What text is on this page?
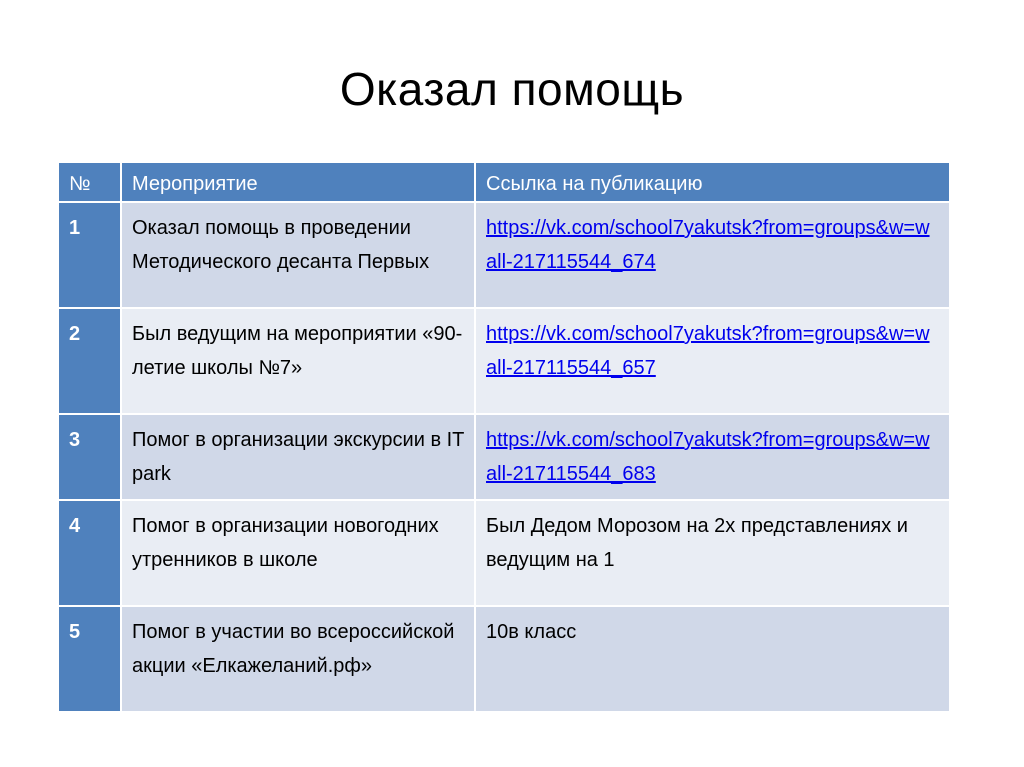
Оказал помощь
№	Мероприятие	Ссылка на публикацию
1	Оказал помощь в проведении Методического десанта Первых	https://vk.com/school7yakutsk?from=groups&w=wall-217115544_674
2	Был ведущим на мероприятии «90-летие школы №7»	https://vk.com/school7yakutsk?from=groups&w=wall-217115544_657
3	Помог в организации экскурсии в IT park	https://vk.com/school7yakutsk?from=groups&w=wall-217115544_683
4	Помог в организации новогодних утренников в школе	Был Дедом Морозом на 2х представлениях и ведущим на 1
5	Помог в участии во всероссийской акции «Елкажеланий.рф»	10в класс
